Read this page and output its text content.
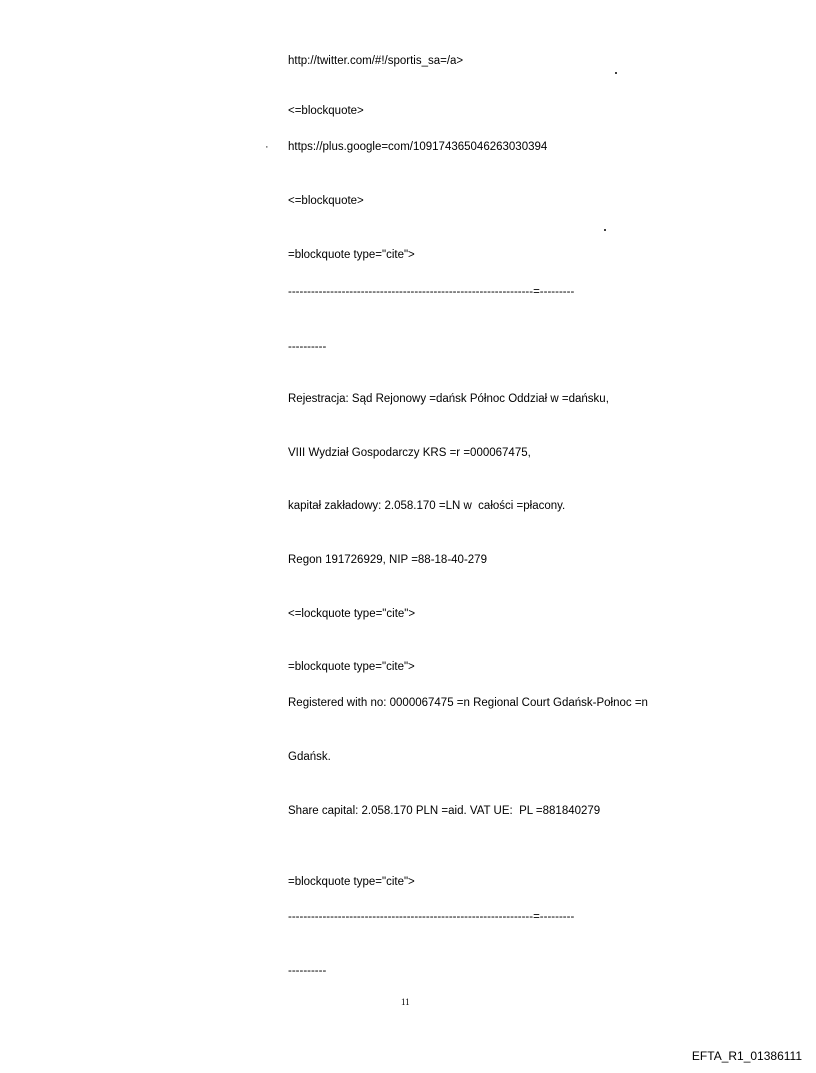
http://twitter.com/#!/sportis_sa=/a>
<=blockquote>
· https://plus.google=com/109174365046263030394
<=blockquote>
=blockquote type="cite">
----------------------------------------------------------------=---------
----------
Rejestracja: Sąd Rejonowy =dańsk Północ Oddział w =dańsku,
VIII Wydział Gospodarczy KRS =r =000067475,
kapitał zakładowy: 2.058.170 =LN w  całości =płacony.
Regon 191726929, NIP =88-18-40-279
<=lockquote type="cite">
=blockquote type="cite">
Registered with no: 0000067475 =n Regional Court Gdańsk-Połnoc =n
Gdańsk.
Share capital: 2.058.170 PLN =aid. VAT UE:  PL =881840279
=blockquote type="cite">
----------------------------------------------------------------=---------
----------
11
EFTA_R1_01386111
